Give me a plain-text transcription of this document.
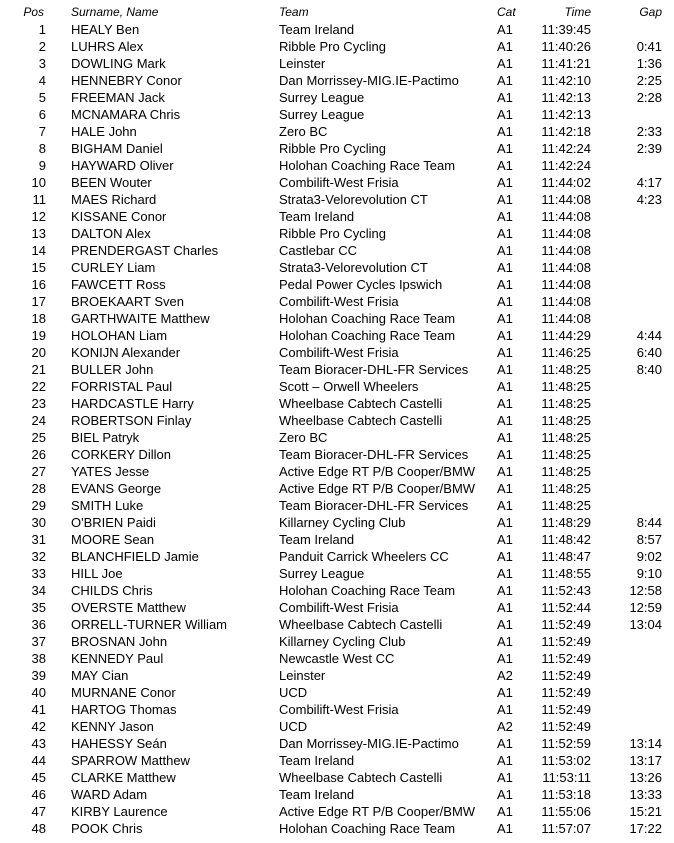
Pos Surname, Name	Team	Cat	Time	Gap
1 HEALY Ben	Team Ireland	A1	11:39:45
2 LUHRS Alex	Ribble Pro Cycling	A1	11:40:26	0:41
3 DOWLING Mark	Leinster	A1	11:41:21	1:36
4 HENNEBRY Conor	Dan Morrissey-MIG.IE-Pactimo	A1	11:42:10	2:25
5 FREEMAN Jack	Surrey League	A1	11:42:13	2:28
6 MCNAMARA Chris	Surrey League	A1	11:42:13
7 HALE John	Zero BC	A1	11:42:18	2:33
8 BIGHAM Daniel	Ribble Pro Cycling	A1	11:42:24	2:39
9 HAYWARD Oliver	Holohan Coaching Race Team	A1	11:42:24
10 BEEN Wouter	Combilift-West Frisia	A1	11:44:02	4:17
11 MAES Richard	Strata3-Velorevolution CT	A1	11:44:08	4:23
12 KISSANE Conor	Team Ireland	A1	11:44:08
13 DALTON Alex	Ribble Pro Cycling	A1	11:44:08
14 PRENDERGAST Charles	Castlebar CC	A1	11:44:08
15 CURLEY Liam	Strata3-Velorevolution CT	A1	11:44:08
16 FAWCETT Ross	Pedal Power Cycles Ipswich	A1	11:44:08
17 BROEKAART Sven	Combilift-West Frisia	A1	11:44:08
18 GARTHWAITE Matthew	Holohan Coaching Race Team	A1	11:44:08
19 HOLOHAN Liam	Holohan Coaching Race Team	A1	11:44:29	4:44
20 KONIJN Alexander	Combilift-West Frisia	A1	11:46:25	6:40
21 BULLER John	Team Bioracer-DHL-FR Services A1	11:48:25	8:40
22 FORRISTAL Paul	Scott – Orwell Wheelers	A1	11:48:25
23 HARDCASTLE Harry	Wheelbase Cabtech Castelli	A1	11:48:25
24 ROBERTSON Finlay	Wheelbase Cabtech Castelli	A1	11:48:25
25 BIEL Patryk	Zero BC	A1	11:48:25
26 CORKERY Dillon	Team Bioracer-DHL-FR Services A1	11:48:25
27 YATES Jesse	Active Edge RT P/B Cooper/BMW A1	11:48:25
28 EVANS George	Active Edge RT P/B Cooper/BMW A1	11:48:25
29 SMITH Luke	Team Bioracer-DHL-FR Services A1	11:48:25
30 O'BRIEN Paidi	Killarney Cycling Club	A1	11:48:29	8:44
31 MOORE Sean	Team Ireland	A1	11:48:42	8:57
32 BLANCHFIELD Jamie	Panduit Carrick Wheelers CC	A1	11:48:47	9:02
33 HILL Joe	Surrey League	A1	11:48:55	9:10
34 CHILDS Chris	Holohan Coaching Race Team	A1	11:52:43	12:58
35 OVERSTE Matthew	Combilift-West Frisia	A1	11:52:44	12:59
36 ORRELL-TURNER William	Wheelbase Cabtech Castelli	A1	11:52:49	13:04
37 BROSNAN John	Killarney Cycling Club	A1	11:52:49
38 KENNEDY Paul	Newcastle West CC	A1	11:52:49
39 MAY Cian	Leinster	A2	11:52:49
40 MURNANE Conor	UCD	A1	11:52:49
41 HARTOG Thomas	Combilift-West Frisia	A1	11:52:49
42 KENNY Jason	UCD	A2	11:52:49
43 HAHESSY Seán	Dan Morrissey-MIG.IE-Pactimo	A1	11:52:59	13:14
44 SPARROW Matthew	Team Ireland	A1	11:53:02	13:17
45 CLARKE Matthew	Wheelbase Cabtech Castelli	A1	11:53:11	13:26
46 WARD Adam	Team Ireland	A1	11:53:18	13:33
47 KIRBY Laurence	Active Edge RT P/B Cooper/BMW A1	11:55:06	15:21
48 POOK Chris	Holohan Coaching Race Team	A1	11:57:07	17:22
